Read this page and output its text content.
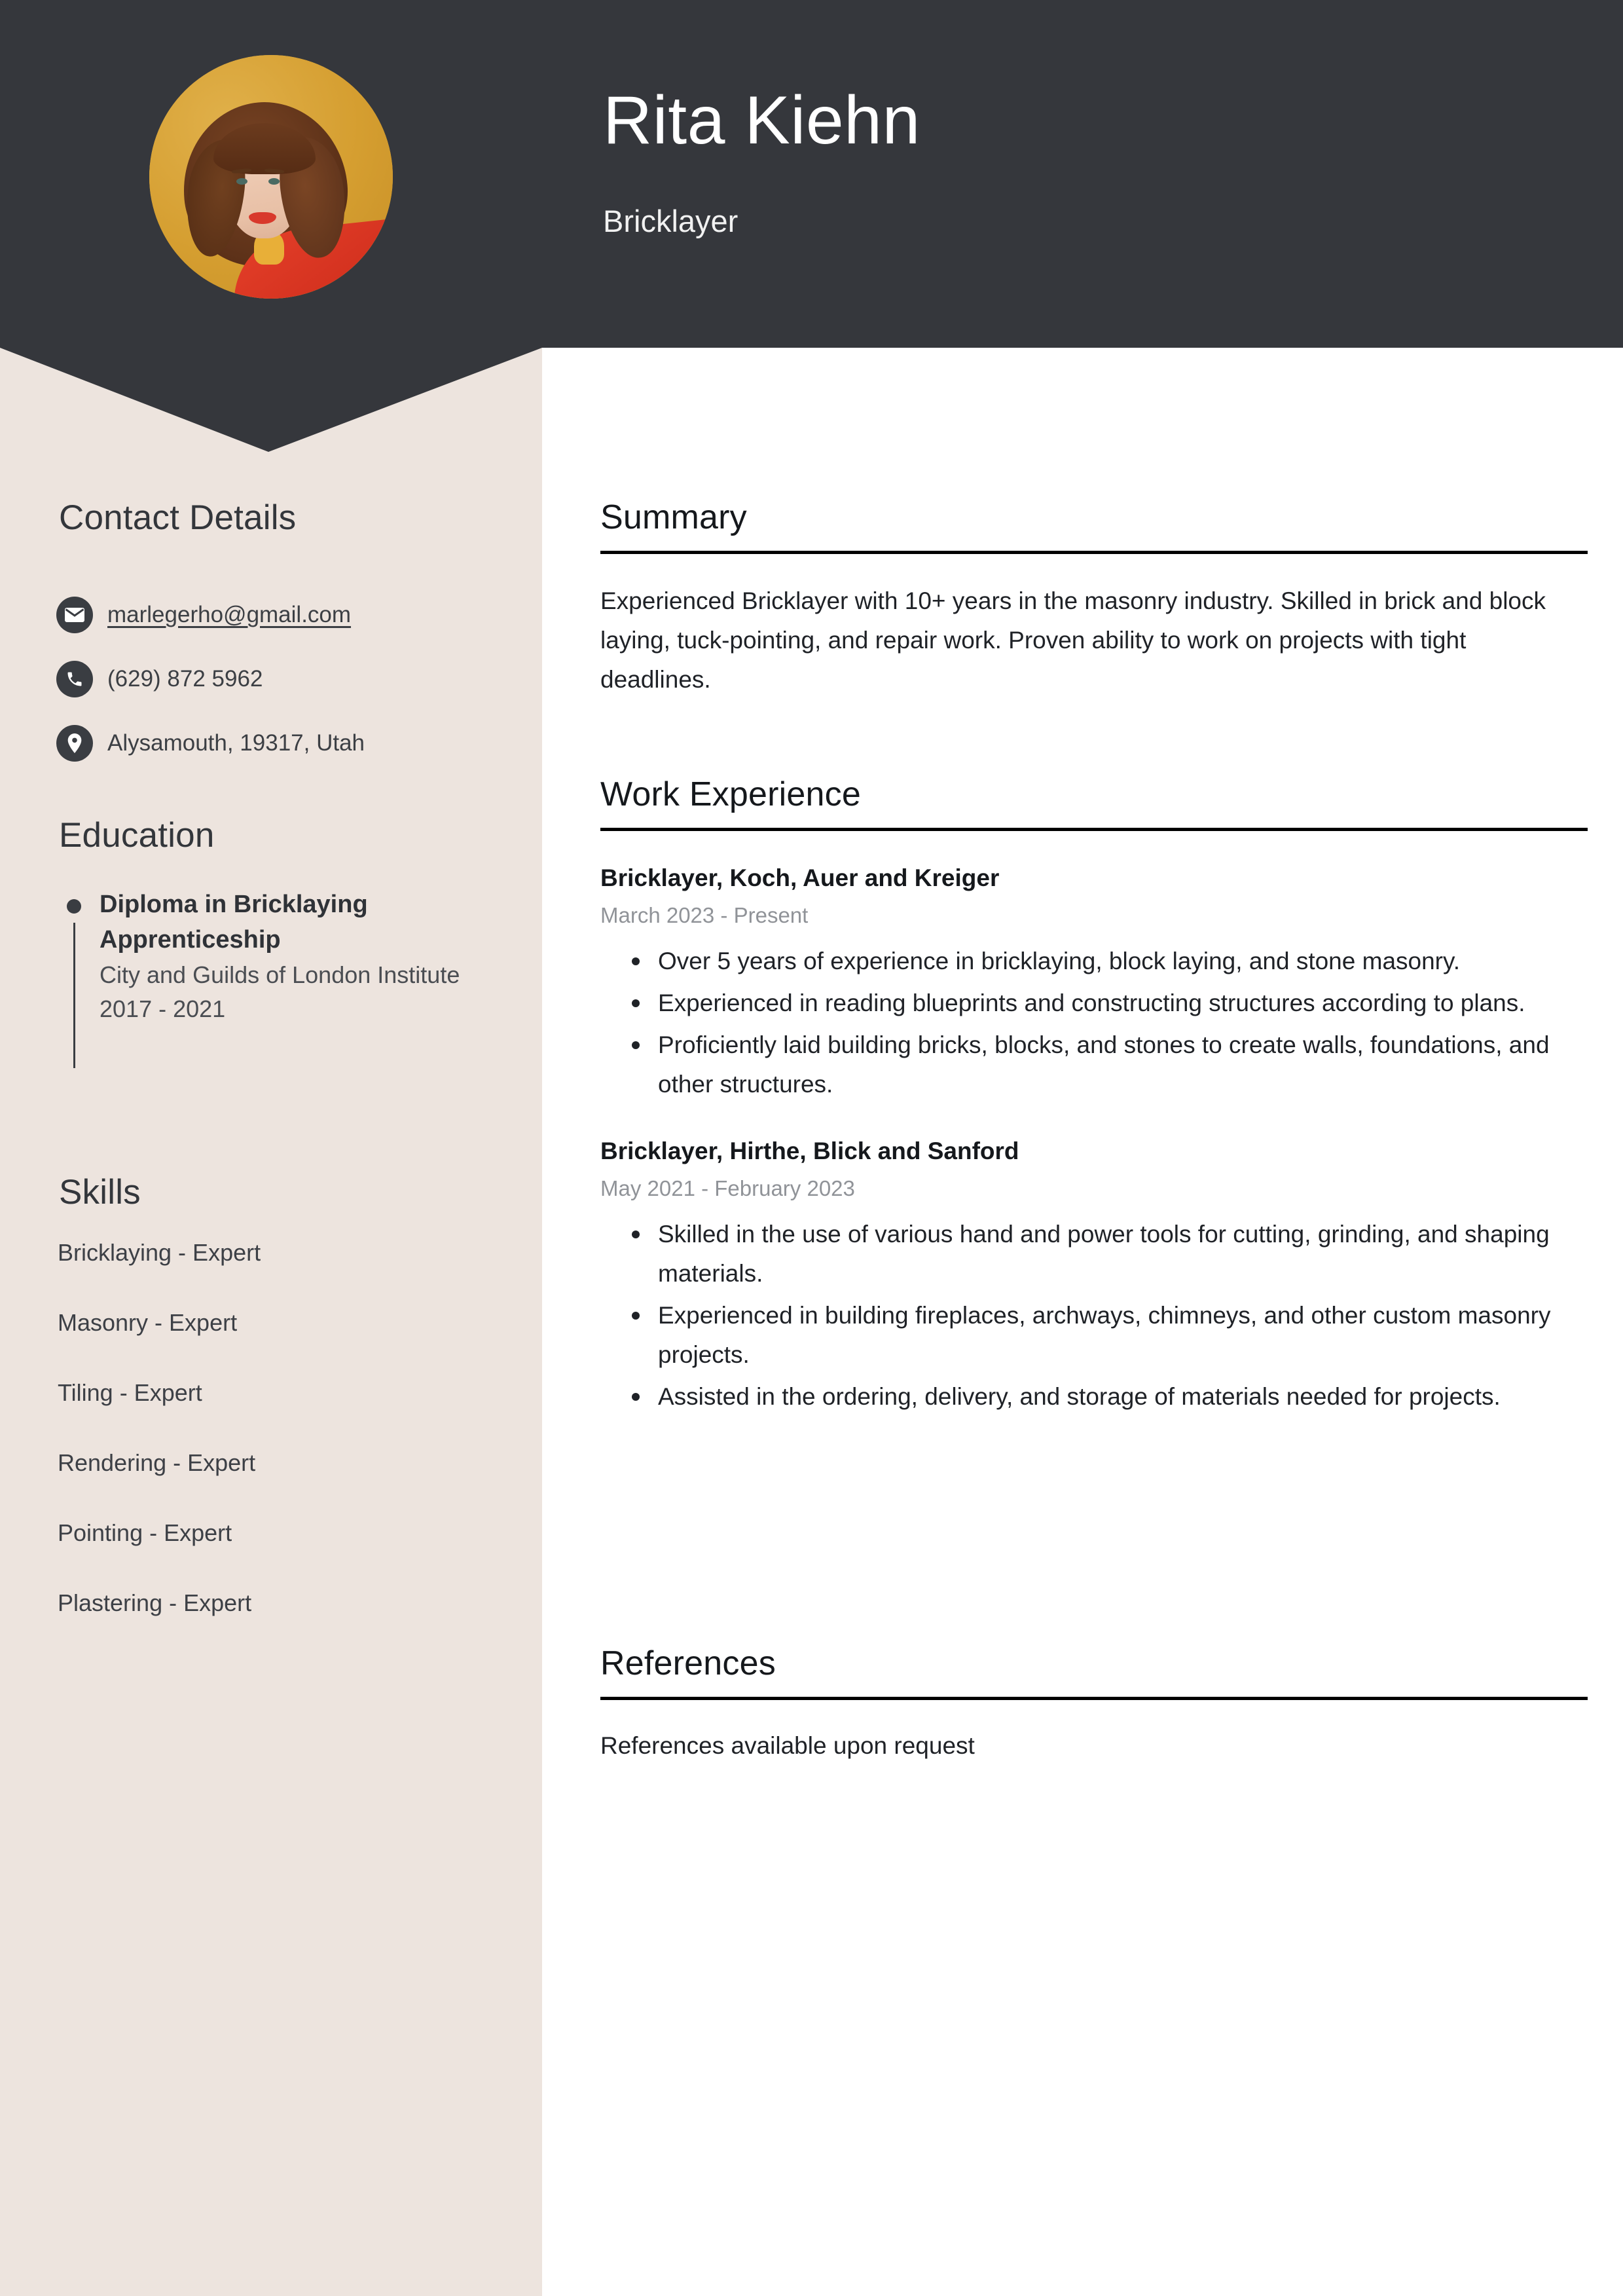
Rita Kiehn
Bricklayer
Contact Details
marlegerho@gmail.com
(629) 872 5962
Alysamouth, 19317, Utah
Education
Diploma in Bricklaying Apprenticeship
City and Guilds of London Institute
2017 - 2021
Skills
Bricklaying - Expert
Masonry - Expert
Tiling - Expert
Rendering - Expert
Pointing - Expert
Plastering - Expert
Summary

Experienced Bricklayer with 10+ years in the masonry industry. Skilled in brick and block laying, tuck-pointing, and repair work. Proven ability to work on projects with tight deadlines.

Work Experience
Bricklayer, Koch, Auer and Kreiger
March 2023 - Present
Over 5 years of experience in bricklaying, block laying, and stone masonry.
Experienced in reading blueprints and constructing structures according to plans.
Proficiently laid building bricks, blocks, and stones to create walls, foundations, and other structures.
Bricklayer, Hirthe, Blick and Sanford
May 2021 - February 2023
Skilled in the use of various hand and power tools for cutting, grinding, and shaping materials.
Experienced in building fireplaces, archways, chimneys, and other custom masonry projects.
Assisted in the ordering, delivery, and storage of materials needed for projects.
References

References available upon request
